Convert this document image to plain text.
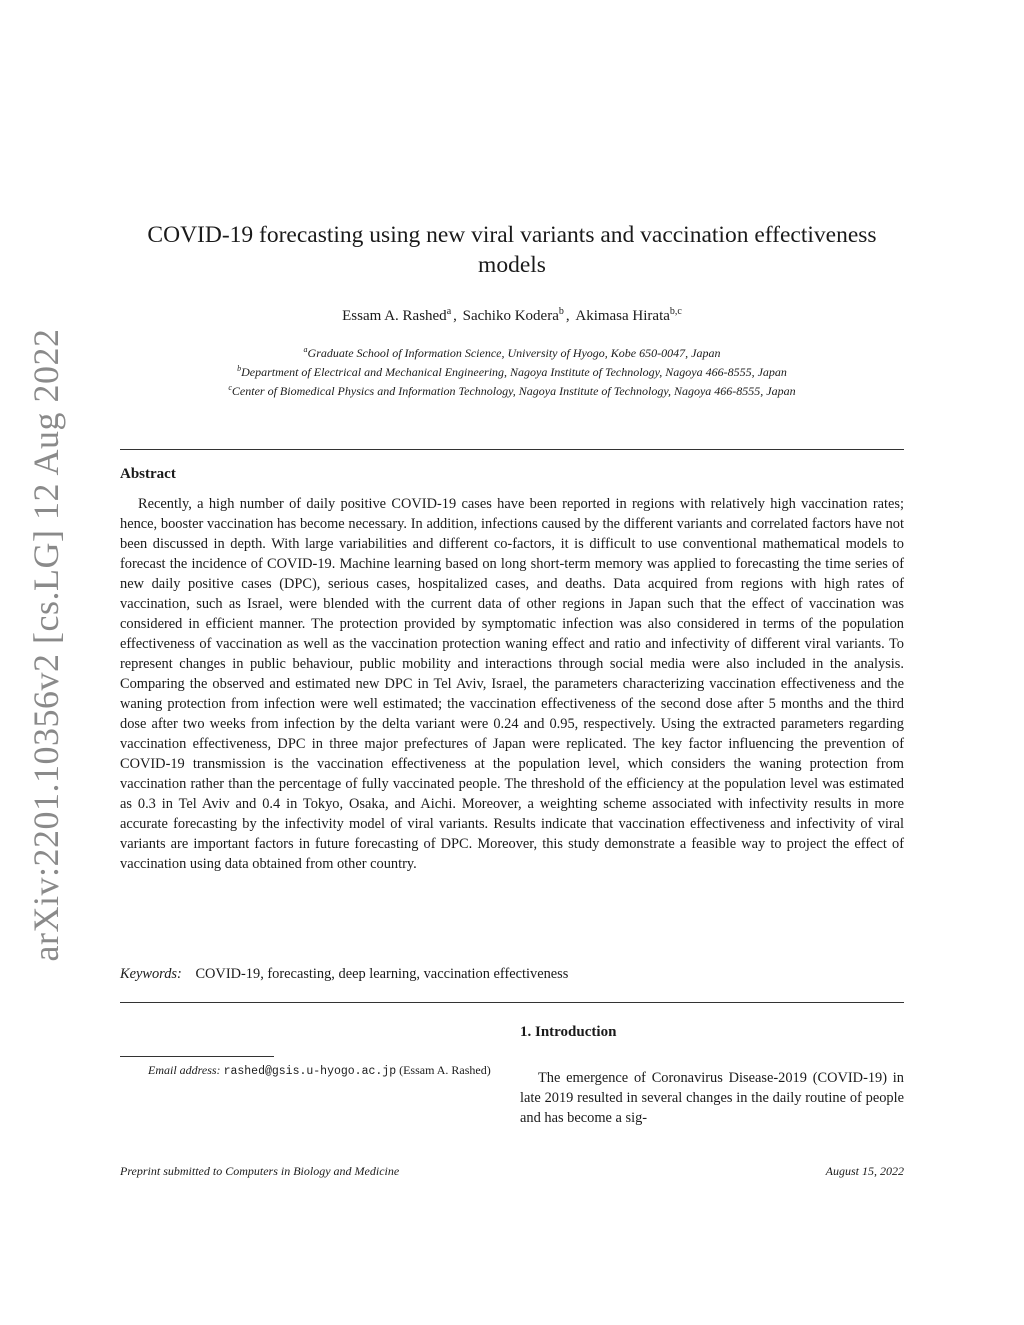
arXiv:2201.10356v2 [cs.LG] 12 Aug 2022
COVID-19 forecasting using new viral variants and vaccination effectiveness models
Essam A. Rashed$^a$ , Sachiko Kodera$^b$ , Akimasa Hirata$^{b,c}$
$^a$Graduate School of Information Science, University of Hyogo, Kobe 650-0047, Japan
$^b$Department of Electrical and Mechanical Engineering, Nagoya Institute of Technology, Nagoya 466-8555, Japan
$^c$Center of Biomedical Physics and Information Technology, Nagoya Institute of Technology, Nagoya 466-8555, Japan
Abstract

Recently, a high number of daily positive COVID-19 cases have been reported in regions with relatively high vaccination rates; hence, booster vaccination has become necessary. In addition, infections caused by the different variants and correlated factors have not been discussed in depth. With large variabilities and different co-factors, it is difficult to use conventional mathematical models to forecast the incidence of COVID-19. Machine learning based on long short-term memory was applied to forecasting the time series of new daily positive cases (DPC), serious cases, hospitalized cases, and deaths. Data acquired from regions with high rates of vaccination, such as Israel, were blended with the current data of other regions in Japan such that the effect of vaccination was considered in efficient manner. The protection provided by symptomatic infection was also considered in terms of the population effectiveness of vaccination as well as the vaccination protection waning effect and ratio and infectivity of different viral variants. To represent changes in public behaviour, public mobility and interactions through social media were also included in the analysis. Comparing the observed and estimated new DPC in Tel Aviv, Israel, the parameters characterizing vaccination effectiveness and the waning protection from infection were well estimated; the vaccination effectiveness of the second dose after 5 months and the third dose after two weeks from infection by the delta variant were 0.24 and 0.95, respectively. Using the extracted parameters regarding vaccination effectiveness, DPC in three major prefectures of Japan were replicated. The key factor influencing the prevention of COVID-19 transmission is the vaccination effectiveness at the population level, which considers the waning protection from vaccination rather than the percentage of fully vaccinated people. The threshold of the efficiency at the population level was estimated as 0.3 in Tel Aviv and 0.4 in Tokyo, Osaka, and Aichi. Moreover, a weighting scheme associated with infectivity results in more accurate forecasting by the infectivity model of viral variants. Results indicate that vaccination effectiveness and infectivity of viral variants are important factors in future forecasting of DPC. Moreover, this study demonstrate a feasible way to project the effect of vaccination using data obtained from other country.

Keywords: COVID-19, forecasting, deep learning, vaccination effectiveness
Email address: rashed@gsis.u-hyogo.ac.jp (Essam A. Rashed)
1. Introduction

The emergence of Coronavirus Disease-2019 (COVID-19) in late 2019 resulted in several changes in the daily routine of people and has become a sig-

Preprint submitted to Computers in Biology and Medicine	August 15, 2022
